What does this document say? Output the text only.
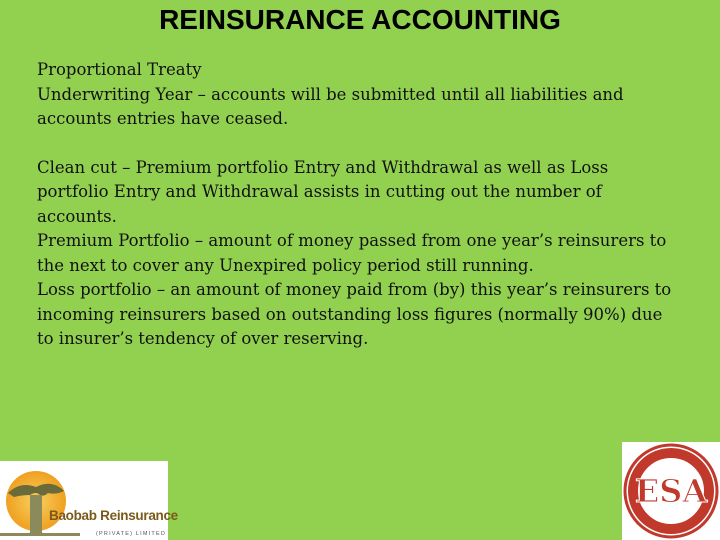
REINSURANCE ACCOUNTING

Proportional Treaty

Underwriting Year – accounts will be submitted until all liabilities and accounts entries have ceased.

Clean cut – Premium portfolio Entry and Withdrawal as well as Loss portfolio Entry and Withdrawal assists in cutting out the number of accounts.

Premium Portfolio – amount of money passed from one year’s reinsurers to the next to cover any Unexpired policy period still running.

Loss portfolio – an amount of money paid from (by) this year’s reinsurers to incoming reinsurers based on outstanding loss figures (normally 90%) due to insurer’s tendency of over reserving.

Baobab Reinsurance
(PRIVATE) LIMITED
ESA
